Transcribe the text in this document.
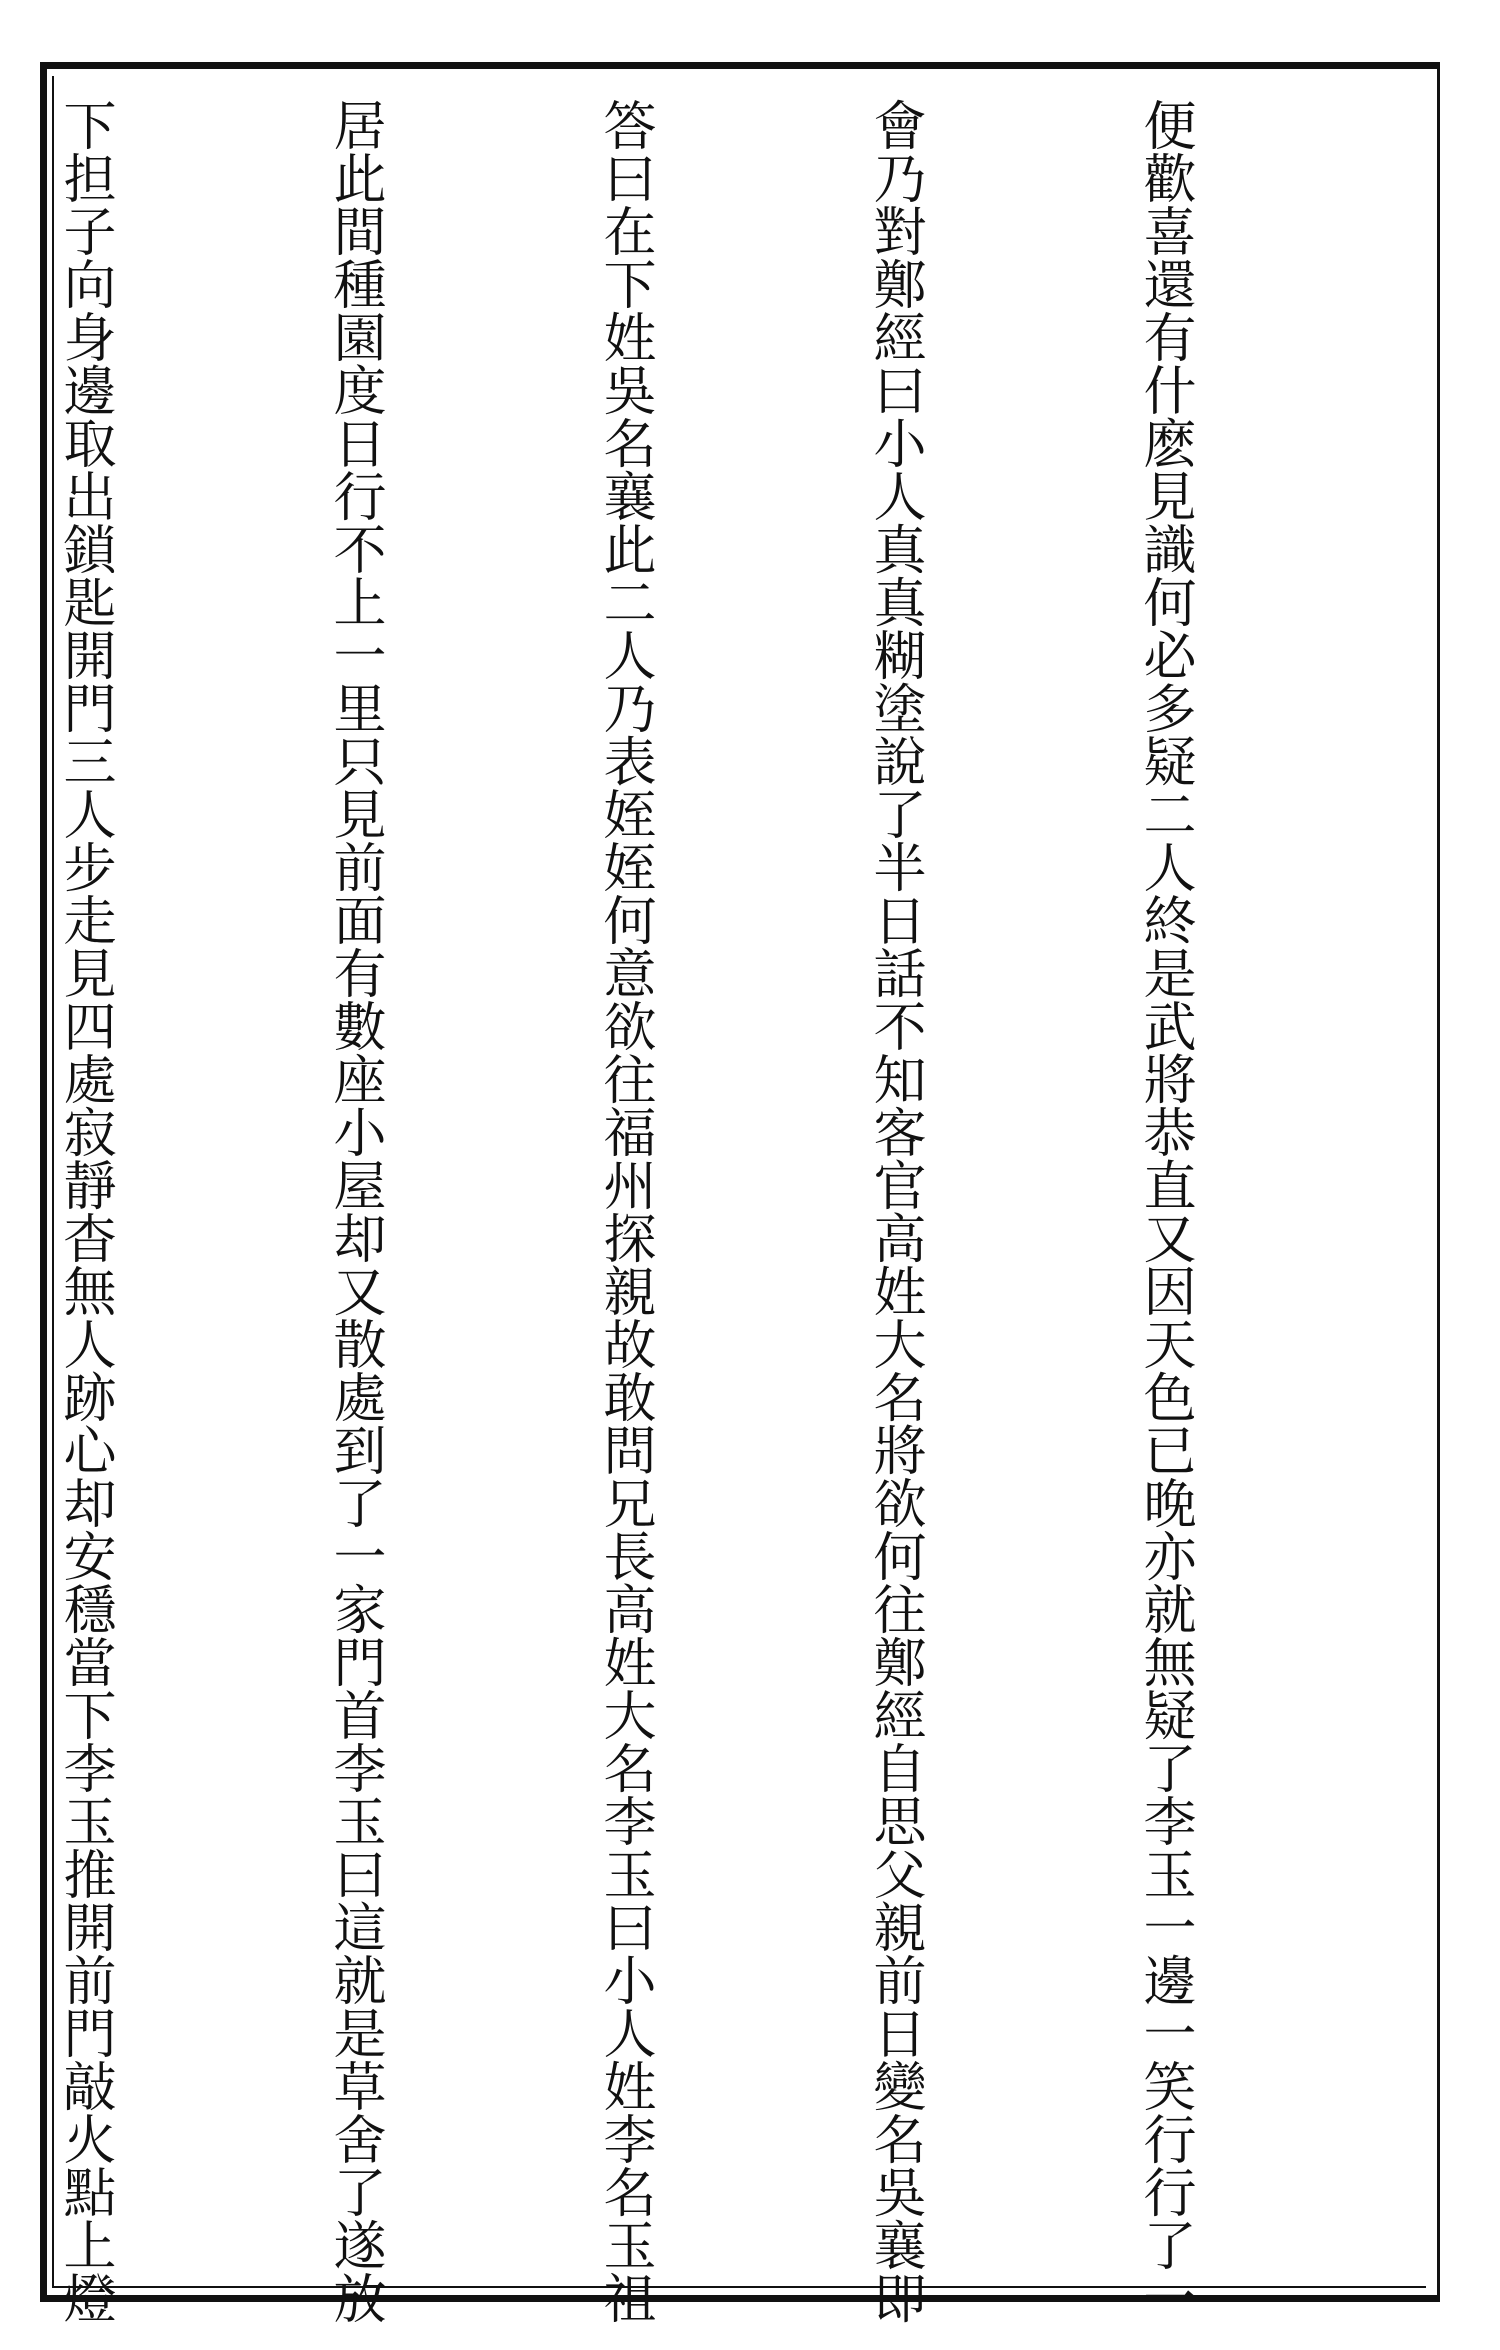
便歡喜還有什麽見識何必多疑二人終是武將恭直又因天色已晚亦就無疑了李玉一邊一笑行行了一

會乃對鄭經曰小人真真糊塗說了半日話不知客官高姓大名將欲何往鄭經自思父親前日變名吳襄即

答曰在下姓吳名襄此二人乃表姪姪何意欲往福州探親故敢問兄長高姓大名李玉曰小人姓李名玉祖

居此間種園度日行不上一里只見前面有數座小屋却又散處到了一家門首李玉曰這就是草舍了遂放

下担子向身邊取出鎖匙開門三人步走見四處寂靜杳無人跡心却安穩當下李玉推開前門敲火點上燈
